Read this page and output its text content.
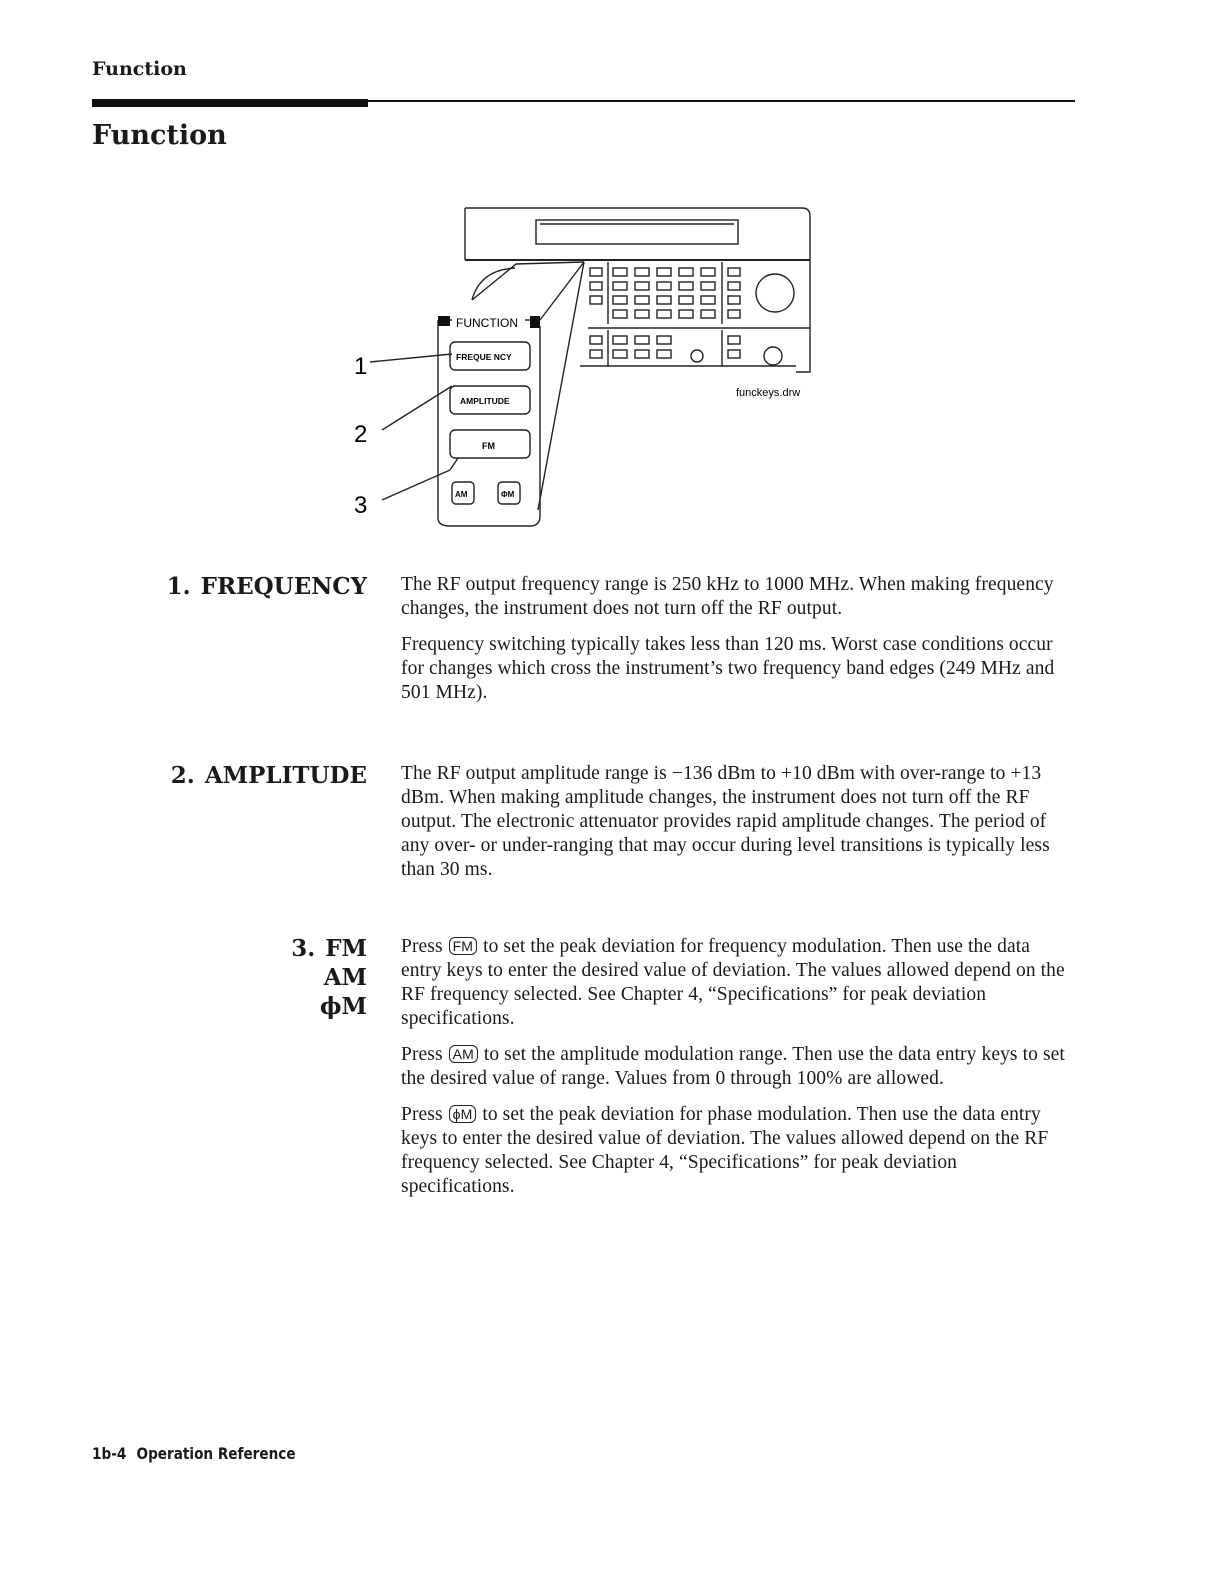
Function
Function
FUNCTION
FREQUE NCY
AMPLITUDE
FM
AM	ΦM
1
2
3
funckeys.drw
1. FREQUENCY The RF output frequency range is 250 kHz to 1000 MHz. When making frequency changes, the instrument does not turn off the RF output.

Frequency switching typically takes less than 120 ms. Worst case conditions occur for changes which cross the instrument’s two frequency band edges (249 MHz and 501 MHz).

2. AMPLITUDE The RF output amplitude range is −136 dBm to +10 dBm with over-range to +13 dBm. When making amplitude changes, the instrument does not turn off the RF output. The electronic attenuator provides rapid amplitude changes. The period of any over- or under-ranging that may occur during level transitions is typically less than 30 ms.

3. FM
AM
ϕM

Press FM to set the peak deviation for frequency modulation. Then use the data entry keys to enter the desired value of deviation. The values allowed depend on the RF frequency selected. See Chapter 4, “Specifications” for peak deviation specifications.

Press AM to set the amplitude modulation range. Then use the data entry keys to set the desired value of range. Values from 0 through 100% are allowed.

Press ϕM to set the peak deviation for phase modulation. Then use the data entry keys to enter the desired value of deviation. The values allowed depend on the RF frequency selected. See Chapter 4, “Specifications” for peak deviation specifications.

1b-4 Operation Reference
